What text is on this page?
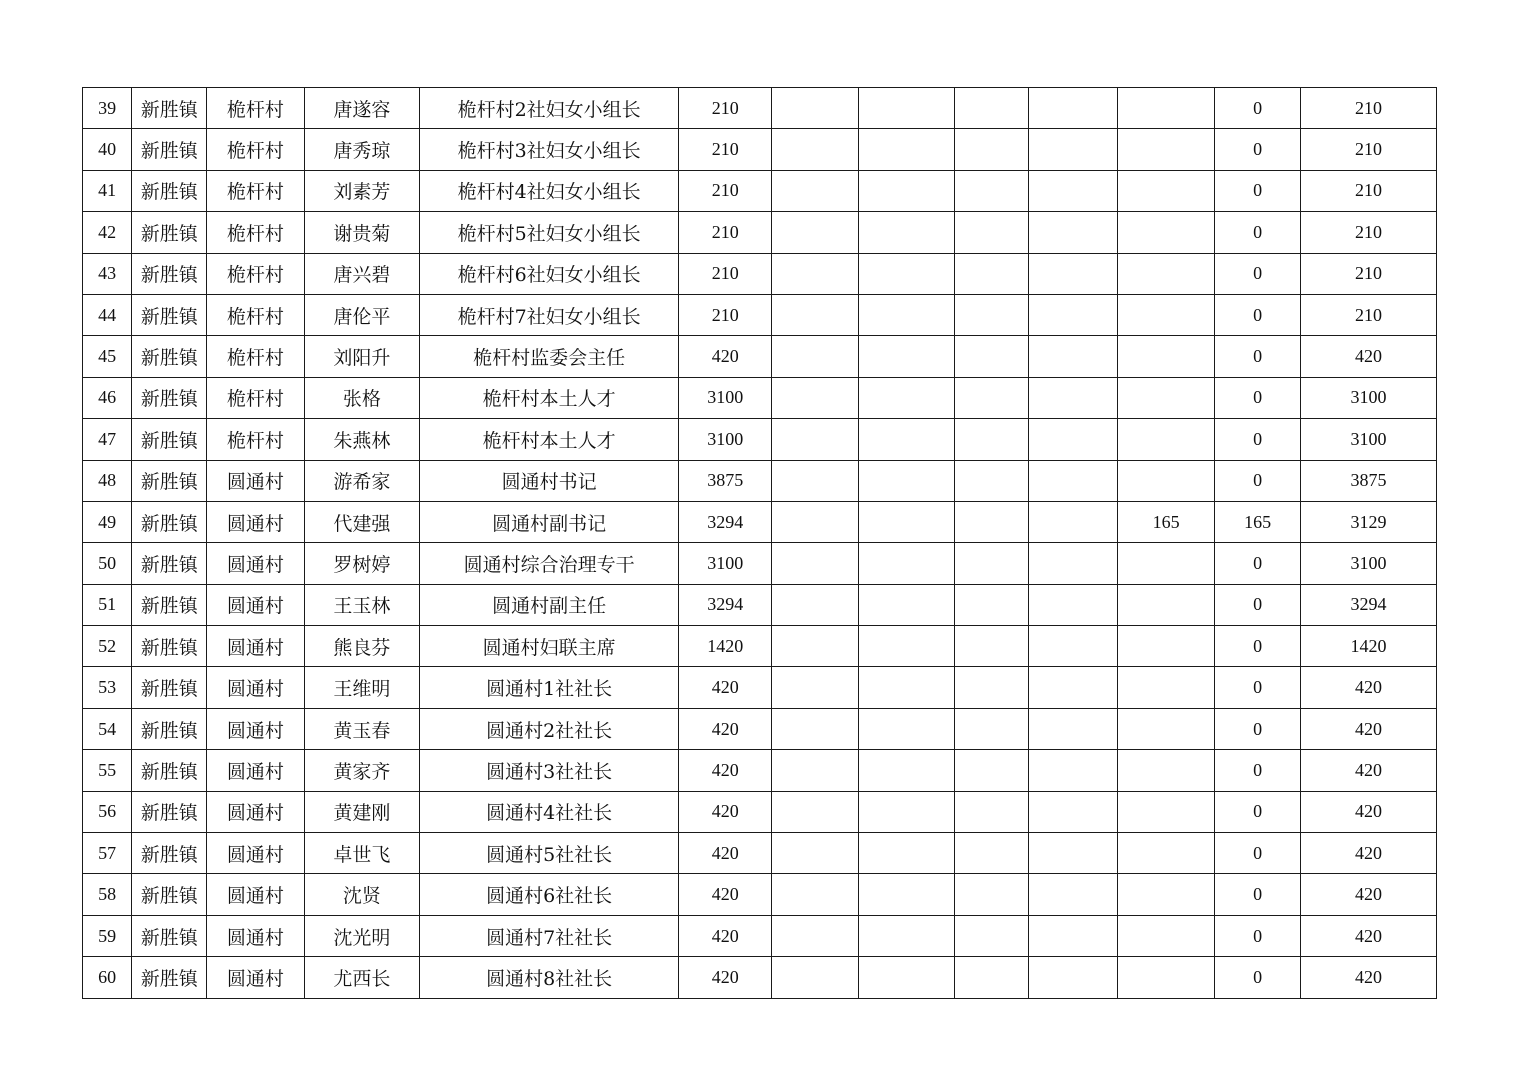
39	新胜镇	桅杆村	唐遂容	桅杆村2社妇女小组长	210						0	210
40	新胜镇	桅杆村	唐秀琼	桅杆村3社妇女小组长	210						0	210
41	新胜镇	桅杆村	刘素芳	桅杆村4社妇女小组长	210						0	210
42	新胜镇	桅杆村	谢贵菊	桅杆村5社妇女小组长	210						0	210
43	新胜镇	桅杆村	唐兴碧	桅杆村6社妇女小组长	210						0	210
44	新胜镇	桅杆村	唐伦平	桅杆村7社妇女小组长	210						0	210
45	新胜镇	桅杆村	刘阳升	桅杆村监委会主任	420						0	420
46	新胜镇	桅杆村	张格	桅杆村本土人才	3100						0	3100
47	新胜镇	桅杆村	朱燕林	桅杆村本土人才	3100						0	3100
48	新胜镇	圆通村	游希家	圆通村书记	3875						0	3875
49	新胜镇	圆通村	代建强	圆通村副书记	3294					165	165	3129
50	新胜镇	圆通村	罗树婷	圆通村综合治理专干	3100						0	3100
51	新胜镇	圆通村	王玉林	圆通村副主任	3294						0	3294
52	新胜镇	圆通村	熊良芬	圆通村妇联主席	1420						0	1420
53	新胜镇	圆通村	王维明	圆通村1社社长	420						0	420
54	新胜镇	圆通村	黄玉春	圆通村2社社长	420						0	420
55	新胜镇	圆通村	黄家齐	圆通村3社社长	420						0	420
56	新胜镇	圆通村	黄建刚	圆通村4社社长	420						0	420
57	新胜镇	圆通村	卓世飞	圆通村5社社长	420						0	420
58	新胜镇	圆通村	沈贤	圆通村6社社长	420						0	420
59	新胜镇	圆通村	沈光明	圆通村7社社长	420						0	420
60	新胜镇	圆通村	尤西长	圆通村8社社长	420						0	420
